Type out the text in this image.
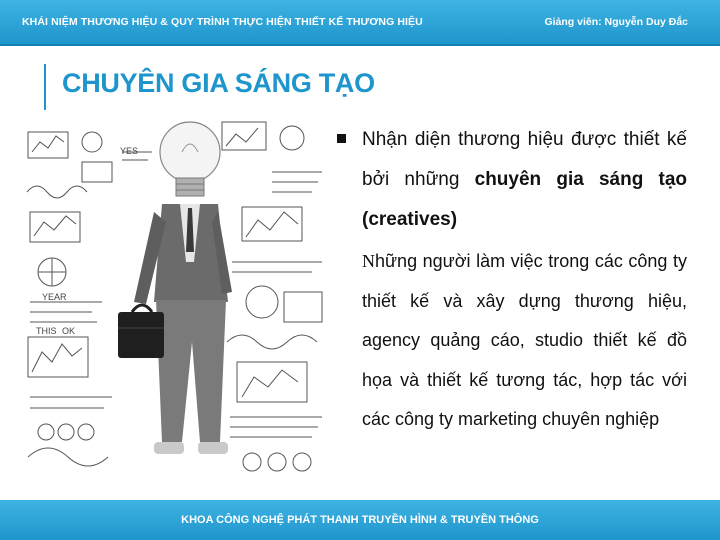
KHÁI NIỆM THƯƠNG HIỆU & QUY TRÌNH THỰC HIỆN THIẾT KẾ THƯƠNG HIỆU	Giảng viên: Nguyễn Duy Đắc
CHUYÊN GIA SÁNG TẠO
YES
YEAR
THIS OK
Nhận diện thương hiệu được thiết kế bởi những chuyên gia sáng tạo (creatives)
Những người làm việc trong các công ty thiết kế và xây dựng thương hiệu, agency quảng cáo, studio thiết kế đồ họa và thiết kế tương tác, hợp tác với các công ty marketing chuyên nghiệp
KHOA CÔNG NGHỆ PHÁT THANH TRUYỀN HÌNH & TRUYỀN THÔNG
